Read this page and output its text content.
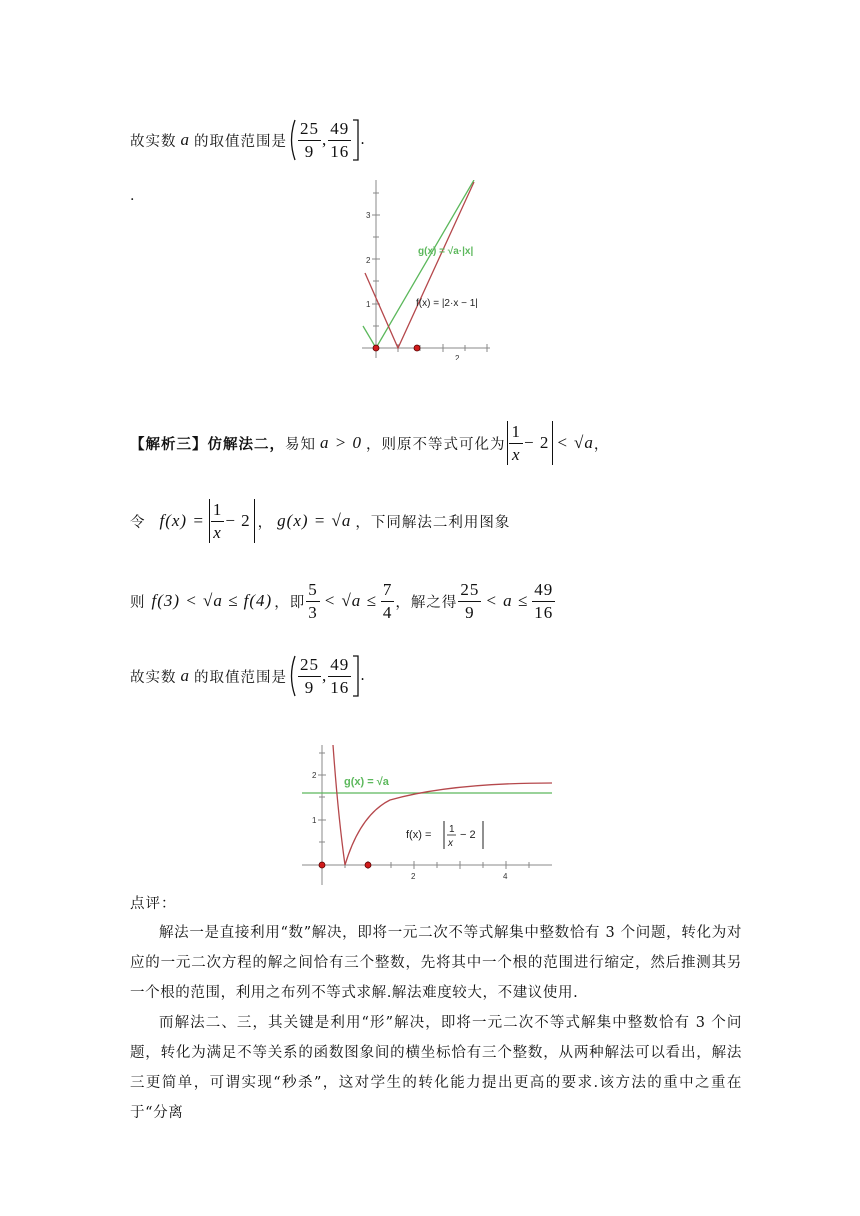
故实数 a 的取值范围是 $\frac{25}{9}$ , $\frac{49}{16}$ .
.
1
2
3
2
g(x) = √a·|x|
f(x) = |2·x − 1|
【解析三】仿解法二， 易知 a > 0 ，则原不等式可化为 $\frac{1}{x} - 2 < √a$ ，
令 $f(x) = \frac{1}{x} - 2$ ， g(x) = √a ，下同解法二利用图象
则 f(3) < √a ≤ f(4) ，即 $\frac{5}{3} < √a \le \frac{7}{4}$ ，解之得 $\frac{25}{9} < a \le \frac{49}{16}$
故实数 a 的取值范围是 $\frac{25}{9}$ , $\frac{49}{16}$ .
1
2
2	4
g(x) = √a
f(x) = 1
x
− 2
点评：
解法一是直接利用“数”解决，即将一元二次不等式解集中整数恰有 3 个问题，转化为对应的一元二次方程的解之间恰有三个整数，先将其中一个根的范围进行缩定，然后推测其另一个根的范围，利用之布列不等式求解.解法难度较大，不建议使用.
而解法二、三，其关键是利用“形”解决，即将一元二次不等式解集中整数恰有 3 个问题，转化为满足不等关系的函数图象间的横坐标恰有三个整数，从两种解法可以看出，解法三更简单，可谓实现“秒杀”，这对学生的转化能力提出更高的要求.该方法的重中之重在于“分离
